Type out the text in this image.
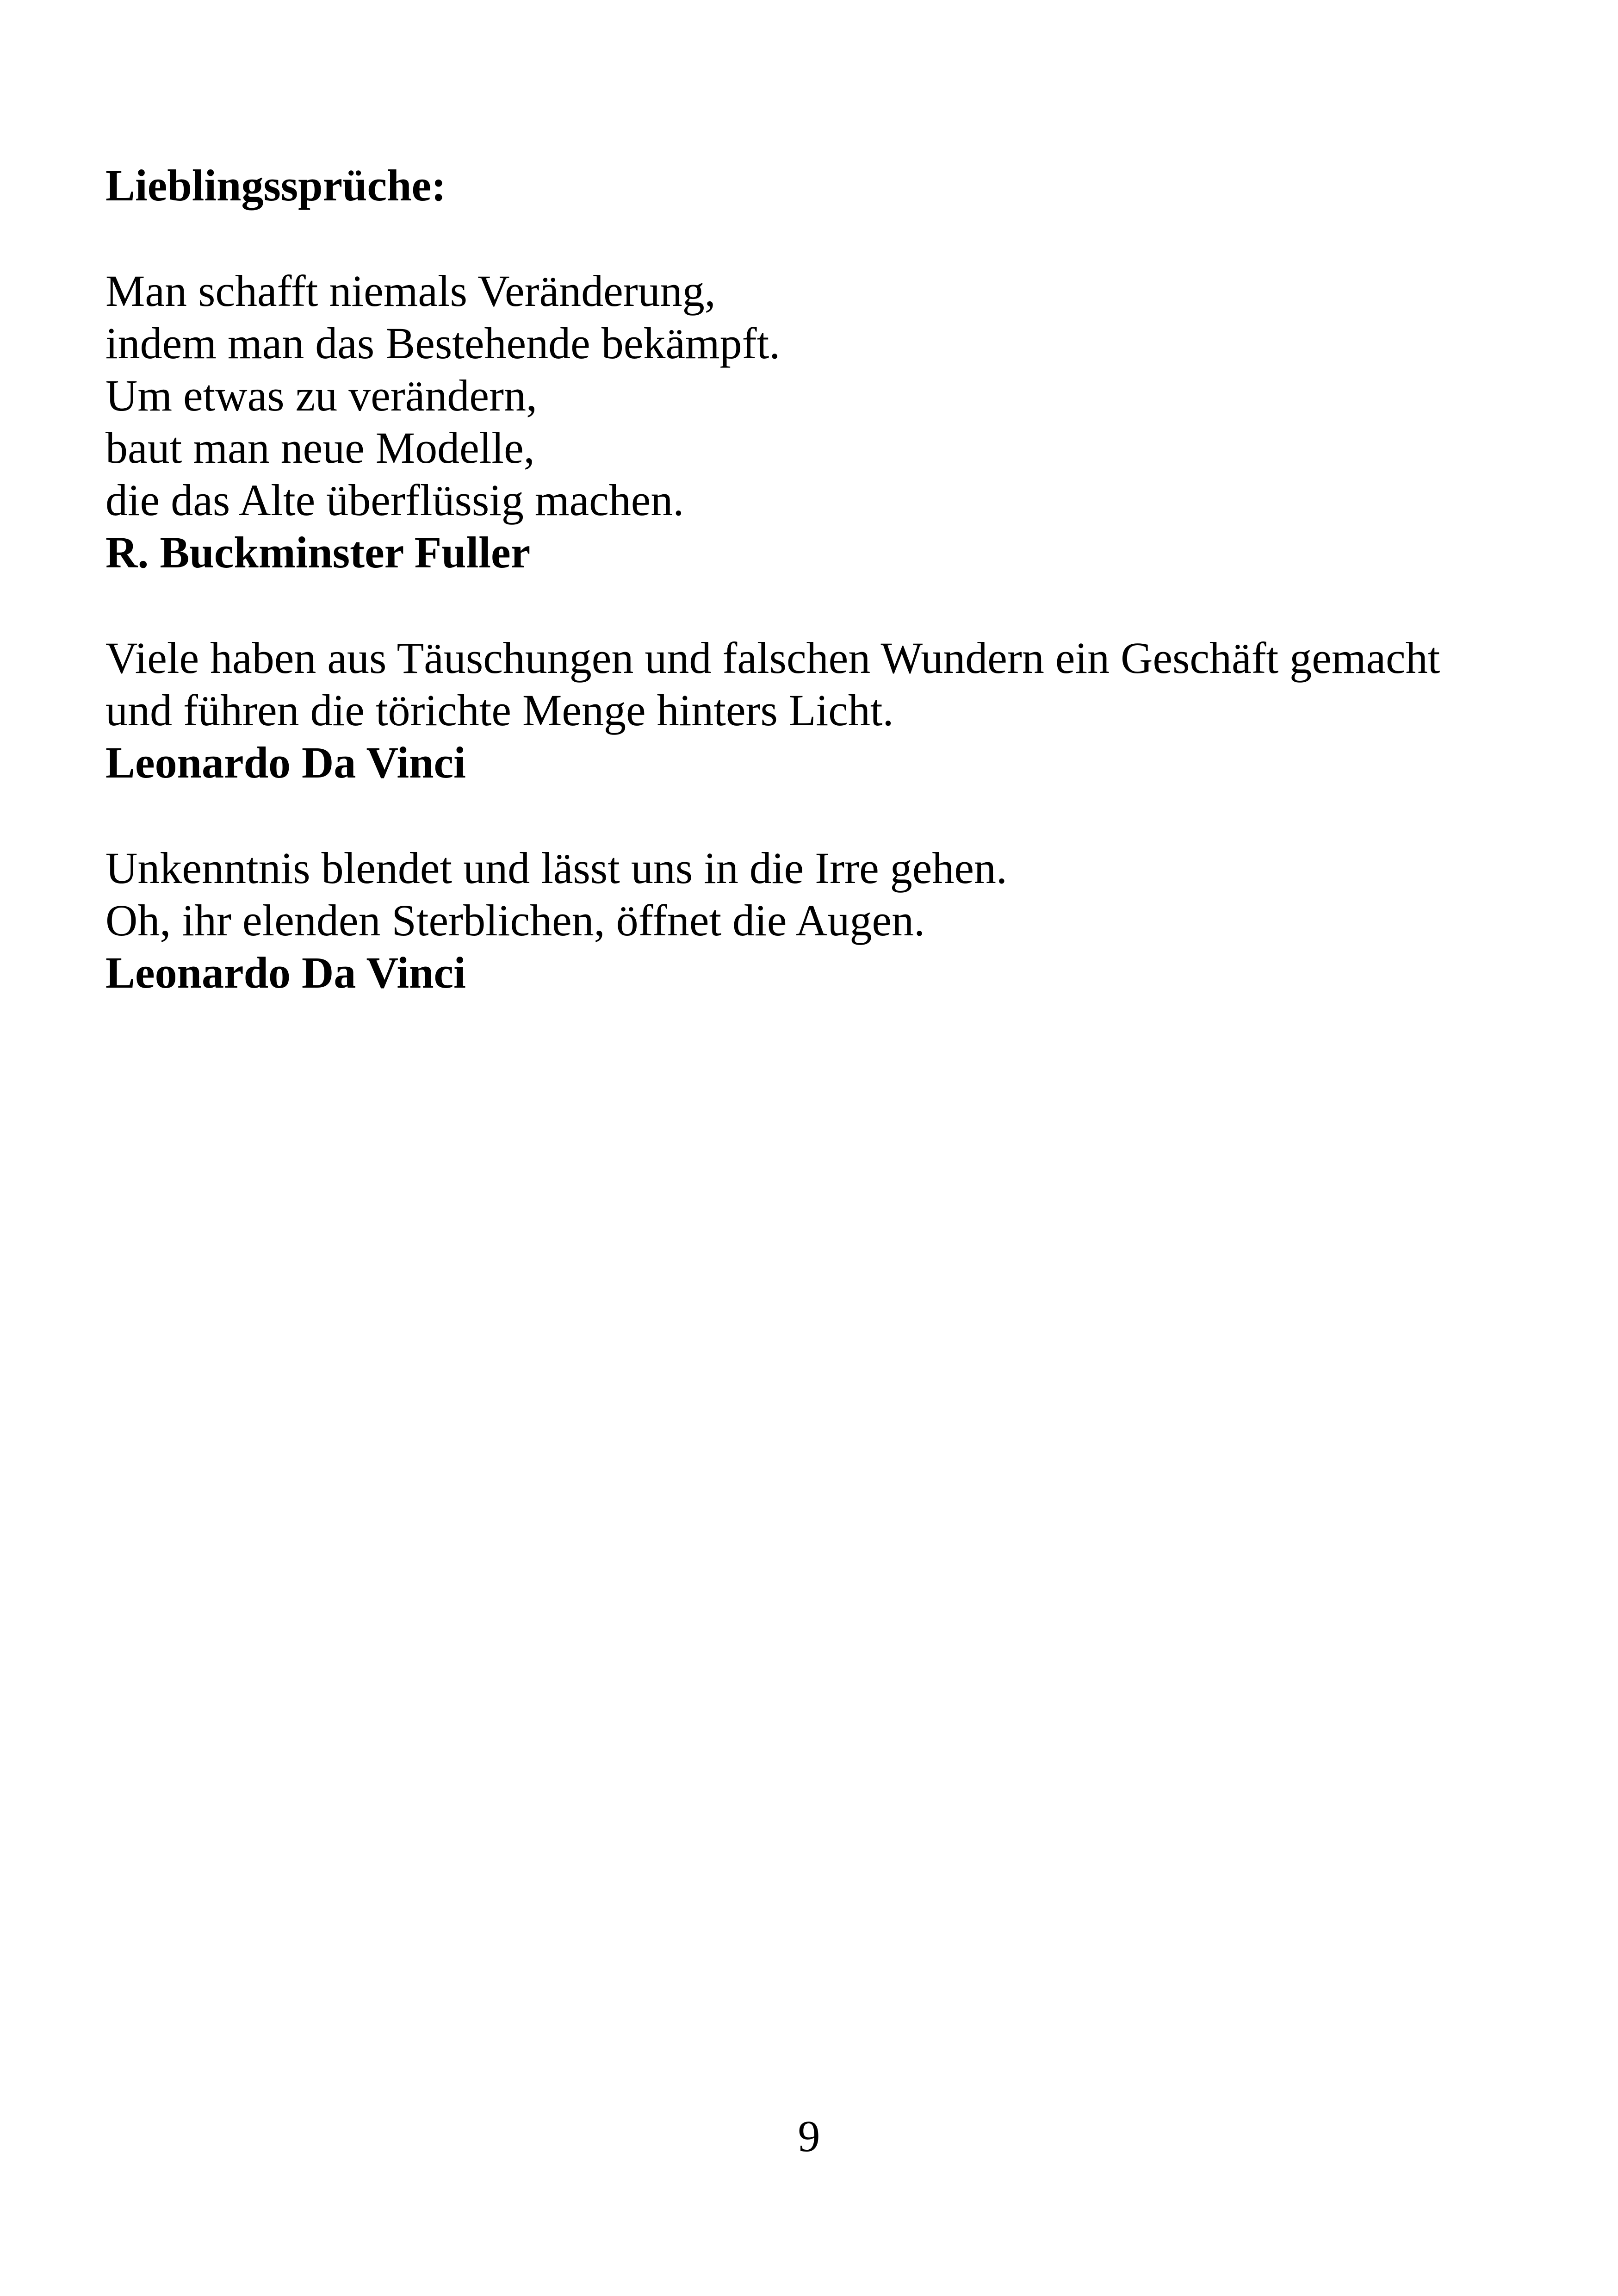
Lieblingssprüche:
Man schafft niemals Veränderung,
indem man das Bestehende bekämpft.
Um etwas zu verändern,
baut man neue Modelle,
die das Alte überflüssig machen.
R. Buckminster Fuller
Viele haben aus Täuschungen und falschen Wundern ein Geschäft gemacht
und führen die törichte Menge hinters Licht.
Leonardo Da Vinci
Unkenntnis blendet und lässt uns in die Irre gehen.
Oh, ihr elenden Sterblichen, öffnet die Augen.
Leonardo Da Vinci
9
